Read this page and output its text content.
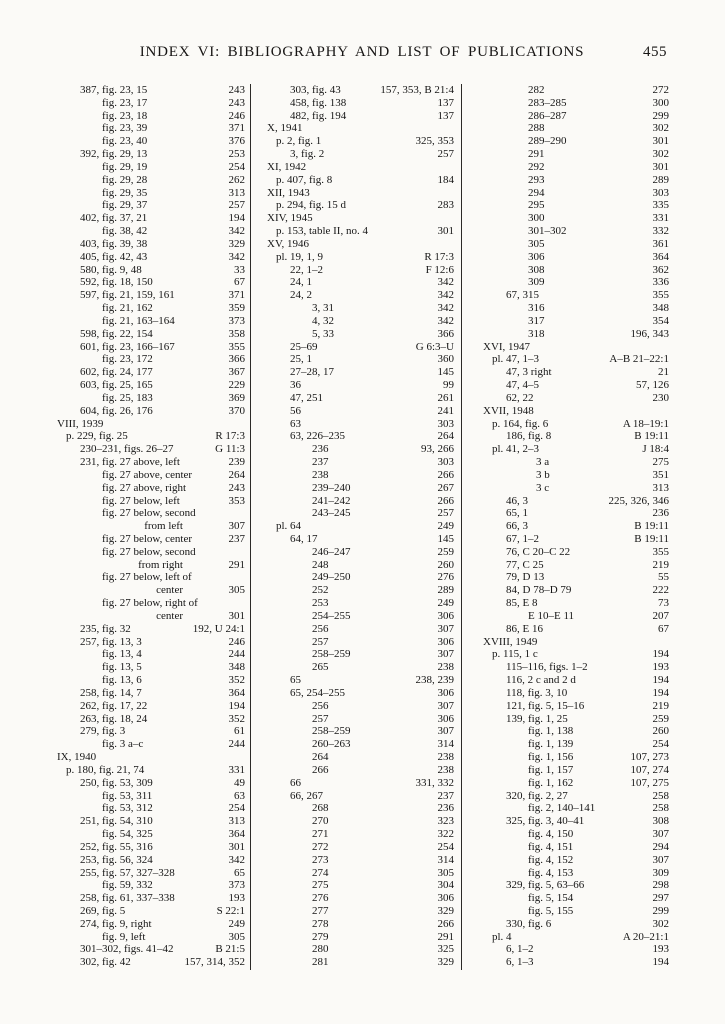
INDEX VI: BIBLIOGRAPHY AND LIST OF PUBLICATIONS	455
387, fig. 23, 15	243
fig. 23, 17	243
fig. 23, 18	246
fig. 23, 39	371
fig. 23, 40	376
392, fig. 29, 13	253
fig. 29, 19	254
fig. 29, 28	262
fig. 29, 35	313
fig. 29, 37	257
402, fig. 37, 21	194
fig. 38, 42	342
403, fig. 39, 38	329
405, fig. 42, 43	342
580, fig. 9, 48	33
592, fig. 18, 150	67
597, fig. 21, 159, 161	371
fig. 21, 162	359
fig. 21, 163–164	373
598, fig. 22, 154	358
601, fig. 23, 166–167	355
fig. 23, 172	366
602, fig. 24, 177	367
603, fig. 25, 165	229
fig. 25, 183	369
604, fig. 26, 176	370
VIII, 1939
p. 229, fig. 25	R 17:3
230–231, figs. 26–27	G 11:3
231, fig. 27 above, left	239
fig. 27 above, center	264
fig. 27 above, right	243
fig. 27 below, left	353
fig. 27 below, second
from left	307
fig. 27 below, center	237
fig. 27 below, second
from right	291
fig. 27 below, left of
center	305
fig. 27 below, right of
center	301
235, fig. 32	192, U 24:1
257, fig. 13, 3	246
fig. 13, 4	244
fig. 13, 5	348
fig. 13, 6	352
258, fig. 14, 7	364
262, fig. 17, 22	194
263, fig. 18, 24	352
279, fig. 3	61
fig. 3 a–c	244
IX, 1940
p. 180, fig. 21, 74	331
250, fig. 53, 309	49
fig. 53, 311	63
fig. 53, 312	254
251, fig. 54, 310	313
fig. 54, 325	364
252, fig. 55, 316	301
253, fig. 56, 324	342
255, fig. 57, 327–328	65
fig. 59, 332	373
258, fig. 61, 337–338	193
269, fig. 5	S 22:1
274, fig. 9, right	249
fig. 9, left	305
301–302, figs. 41–42	B 21:5
302, fig. 42	157, 314, 352
303, fig. 43	157, 353, B 21:4
458, fig. 138	137
482, fig. 194	137
X, 1941
p. 2, fig. 1	325, 353
3, fig. 2	257
XI, 1942
p. 407, fig. 8	184
XII, 1943
p. 294, fig. 15 d	283
XIV, 1945
p. 153, table II, no. 4	301
XV, 1946
pl. 19, 1, 9	R 17:3
22, 1–2	F 12:6
24, 1	342
24, 2	342
3, 31	342
4, 32	342
5, 33	366
25–69	G 6:3–U
25, 1	360
27–28, 17	145
36	99
47, 251	261
56	241
63	303
63, 226–235	264
236	93, 266
237	303
238	266
239–240	267
241–242	266
243–245	257
pl. 64	249
64, 17	145
246–247	259
248	260
249–250	276
252	289
253	249
254–255	306
256	307
257	306
258–259	307
265	238
65	238, 239
65, 254–255	306
256	307
257	306
258–259	307
260–263	314
264	238
266	238
66	331, 332
66, 267	237
268	236
270	323
271	322
272	254
273	314
274	305
275	304
276	306
277	329
278	266
279	291
280	325
281	329
282	272
283–285	300
286–287	299
288	302
289–290	301
291	302
292	301
293	289
294	303
295	335
300	331
301–302	332
305	361
306	364
308	362
309	336
67, 315	355
316	348
317	354
318	196, 343
XVI, 1947
pl. 47, 1–3	A–B 21–22:1
47, 3 right	21
47, 4–5	57, 126
62, 22	230
XVII, 1948
p. 164, fig. 6	A 18–19:1
186, fig. 8	B 19:11
pl. 41, 2–3	J 18:4
3 a	275
3 b	351
3 c	313
46, 3	225, 326, 346
65, 1	236
66, 3	B 19:11
67, 1–2	B 19:11
76, C 20–C 22	355
77, C 25	219
79, D 13	55
84, D 78–D 79	222
85, E 8	73
E 10–E 11	207
86, E 16	67
XVIII, 1949
p. 115, 1 c	194
115–116, figs. 1–2	193
116, 2 c and 2 d	194
118, fig. 3, 10	194
121, fig. 5, 15–16	219
139, fig. 1, 25	259
fig. 1, 138	260
fig. 1, 139	254
fig. 1, 156	107, 273
fig. 1, 157	107, 274
fig. 1, 162	107, 275
320, fig. 2, 27	258
fig. 2, 140–141	258
325, fig. 3, 40–41	308
fig. 4, 150	307
fig. 4, 151	294
fig. 4, 152	307
fig. 4, 153	309
329, fig. 5, 63–66	298
fig. 5, 154	297
fig. 5, 155	299
330, fig. 6	302
pl. 4	A 20–21:1
6, 1–2	193
6, 1–3	194
